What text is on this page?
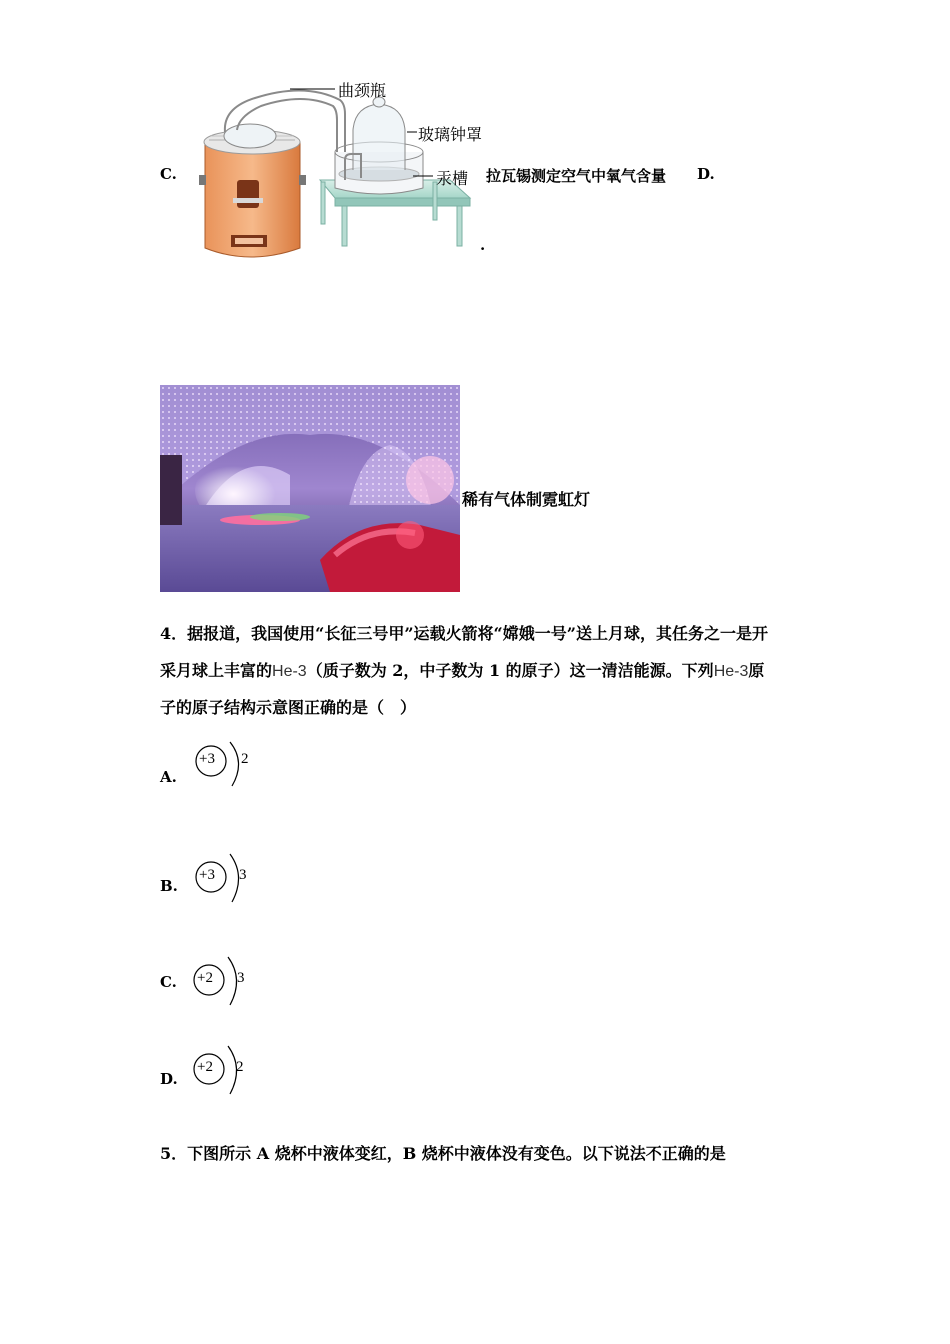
C.
曲颈瓶
玻璃钟罩
汞槽 拉瓦锡测定空气中氧气含量 D.
.
稀有气体制霓虹灯
4．据报道，我国使用“长征三号甲”运载火箭将“嫦娥一号”送上月球，其任务之一是开
采月球上丰富的He-3（质子数为 2，中子数为 1 的原子）这一清洁能源。下列He-3原
子的原子结构示意图正确的是（　）
A.
+3 2
B.
+3 3
C. +2 3
D.
+2 2
5．下图所示 A 烧杯中液体变红，B 烧杯中液体没有变色。以下说法不正确的是
